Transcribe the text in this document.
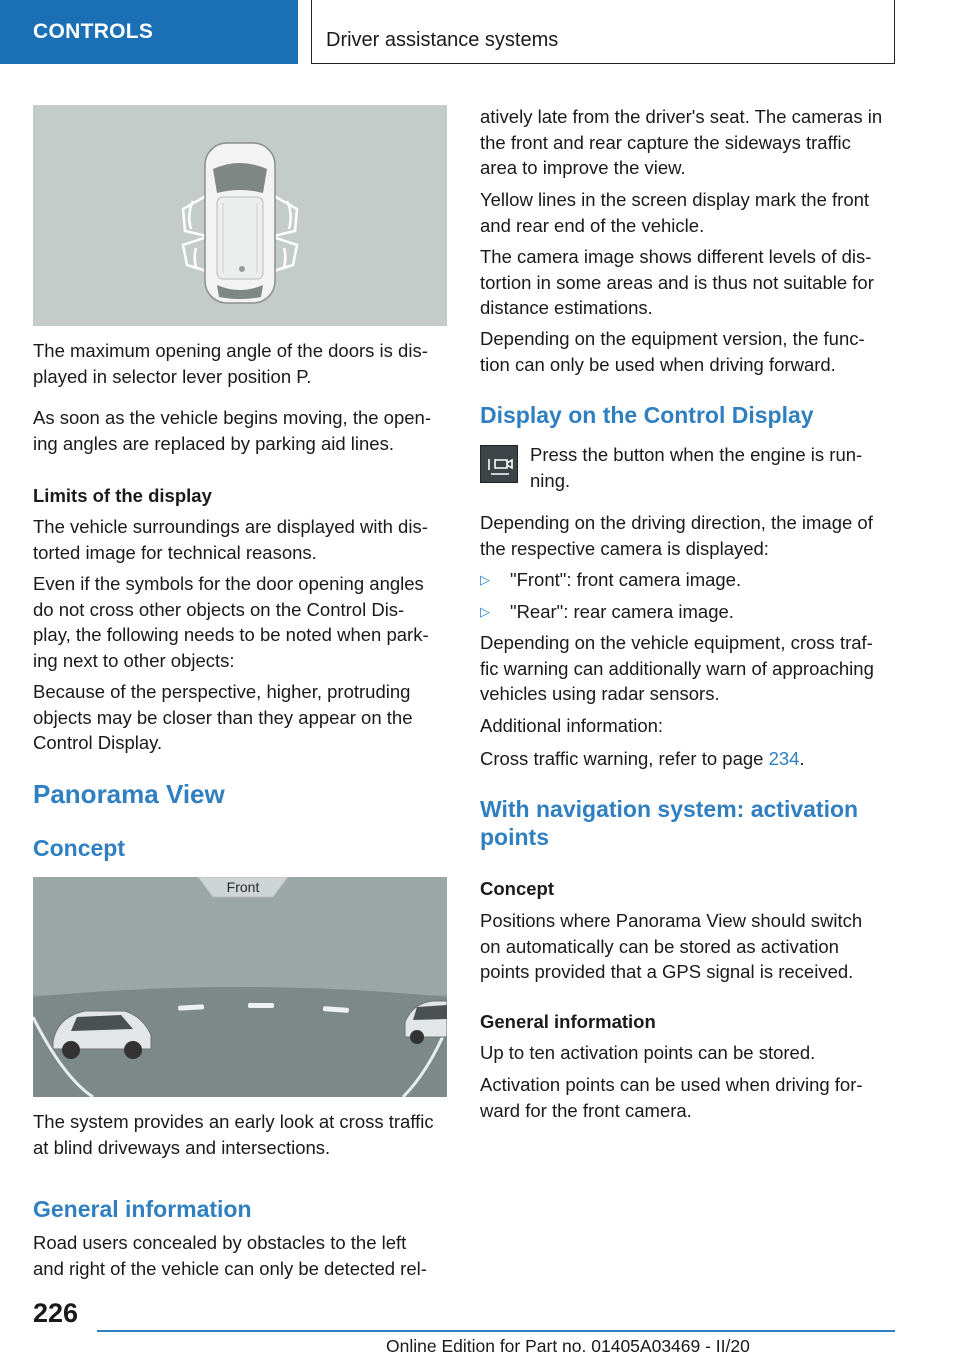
CONTROLS	Driver assistance systems

The maximum opening angle of the doors is dis-
played in selector lever position P.

As soon as the vehicle begins moving, the open-
ing angles are replaced by parking aid lines.

Limits of the display

The vehicle surroundings are displayed with dis-
torted image for technical reasons.

Even if the symbols for the door opening angles
do not cross other objects on the Control Dis-
play, the following needs to be noted when park-
ing next to other objects:

Because of the perspective, higher, protruding
objects may be closer than they appear on the
Control Display.

Panorama View
Concept
Front

The system provides an early look at cross traffic
at blind driveways and intersections.

General information

Road users concealed by obstacles to the left
and right of the vehicle can only be detected rel-

atively late from the driver's seat. The cameras in
the front and rear capture the sideways traffic
area to improve the view.

Yellow lines in the screen display mark the front
and rear end of the vehicle.

The camera image shows different levels of dis-
tortion in some areas and is thus not suitable for
distance estimations.

Depending on the equipment version, the func-
tion can only be used when driving forward.

Display on the Control Display

Press the button when the engine is run-
ning.

Depending on the driving direction, the image of
the respective camera is displayed:

▷ "Front": front camera image.
▷ "Rear": rear camera image.

Depending on the vehicle equipment, cross traf-
fic warning can additionally warn of approaching
vehicles using radar sensors.

Additional information:

Cross traffic warning, refer to page 234.

With navigation system: activation
points
Concept

Positions where Panorama View should switch
on automatically can be stored as activation
points provided that a GPS signal is received.

General information

Up to ten activation points can be stored.

Activation points can be used when driving for-
ward for the front camera.

226
Online Edition for Part no. 01405A03469 - II/20
